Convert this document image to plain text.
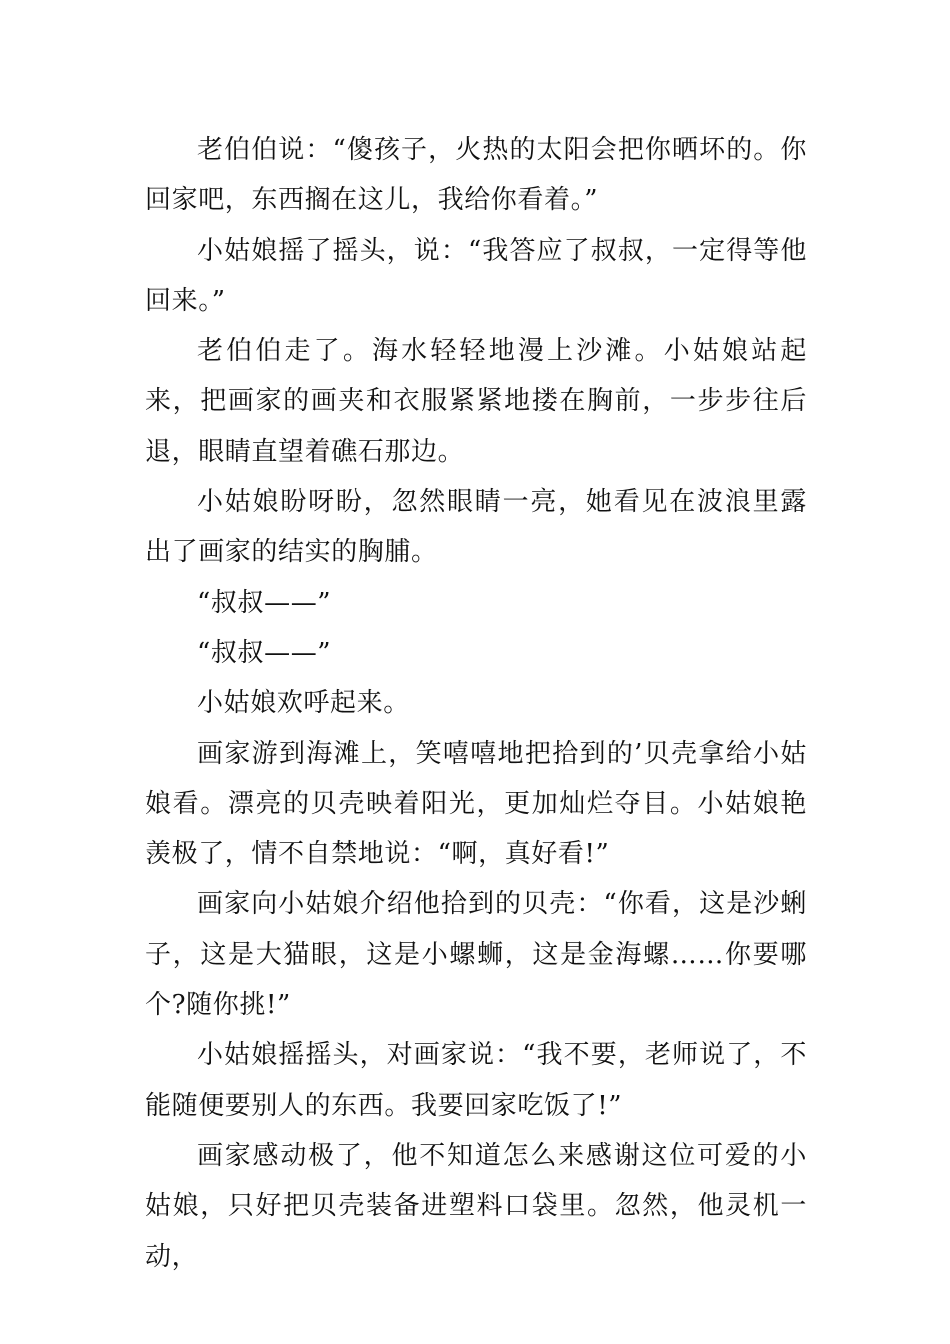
老伯伯说：“傻孩子，火热的太阳会把你晒坏的。你回家吧，东西搁在这儿，我给你看着。”

小姑娘摇了摇头，说：“我答应了叔叔，一定得等他回来。”

老伯伯走了。海水轻轻地漫上沙滩。小姑娘站起来，把画家的画夹和衣服紧紧地搂在胸前，一步步往后退，眼睛直望着礁石那边。

小姑娘盼呀盼，忽然眼睛一亮，她看见在波浪里露出了画家的结实的胸脯。

“叔叔——”

“叔叔——”

小姑娘欢呼起来。

画家游到海滩上，笑嘻嘻地把拾到的’贝壳拿给小姑娘看。漂亮的贝壳映着阳光，更加灿烂夺目。小姑娘艳羡极了，情不自禁地说：“啊，真好看!”

画家向小姑娘介绍他拾到的贝壳：“你看，这是沙蜊子，这是大猫眼，这是小螺蛳，这是金海螺……你要哪个?随你挑!”

小姑娘摇摇头，对画家说：“我不要，老师说了，不能随便要别人的东西。我要回家吃饭了!”

画家感动极了，他不知道怎么来感谢这位可爱的小姑娘，只好把贝壳装备进塑料口袋里。忽然，他灵机一动，
